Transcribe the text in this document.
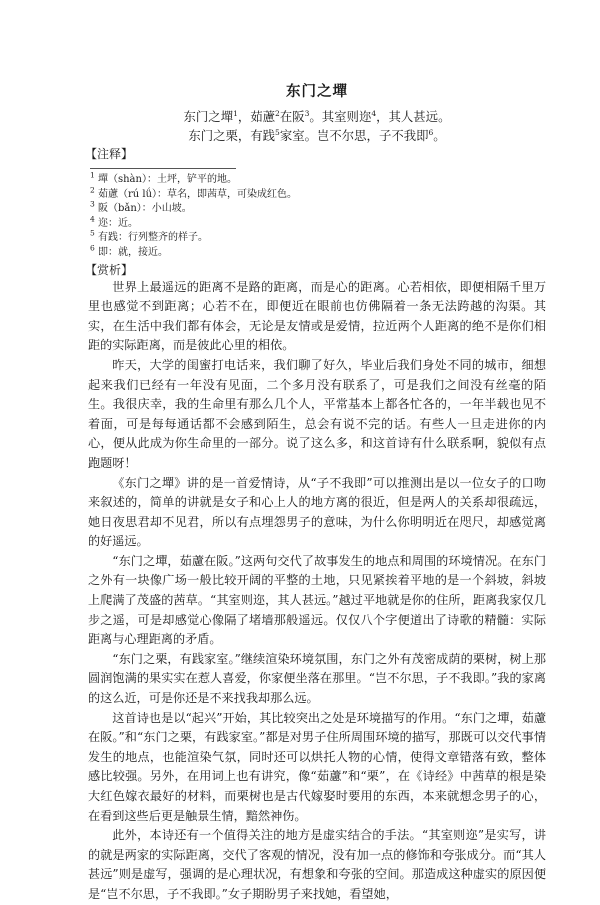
东门之墠
东门之墠$^1$，茹藘$^2$在阪$^3$。其室则迩$^4$，其人甚远。
东门之栗，有践$^5$家室。岂不尔思，子不我即$^6$。
【注释】
$^1$ 墠（shàn）：土坪，铲平的地。
$^2$ 茹藘（rú lǘ）：草名，即茜草，可染成红色。
$^3$ 阪（bǎn）：小山坡。
$^4$ 迩：近。
$^5$ 有践：行列整齐的样子。
$^6$ 即：就，接近。
【赏析】

世界上最遥远的距离不是路的距离，而是心的距离。心若相依，即便相隔千里万里也感觉不到距离；心若不在，即便近在眼前也仿佛隔着一条无法跨越的沟渠。其实，在生活中我们都有体会，无论是友情或是爱情，拉近两个人距离的绝不是你们相距的实际距离，而是彼此心里的相依。

昨天，大学的闺蜜打电话来，我们聊了好久，毕业后我们身处不同的城市，细想起来我们已经有一年没有见面，二个多月没有联系了，可是我们之间没有丝毫的陌生。我很庆幸，我的生命里有那么几个人，平常基本上都各忙各的，一年半载也见不着面，可是每每通话都不会感到陌生，总会有说不完的话。有些人一旦走进你的内心，便从此成为你生命里的一部分。说了这么多，和这首诗有什么联系啊，貌似有点跑题呀！

《东门之墠》讲的是一首爱情诗，从“子不我即”可以推测出是以一位女子的口吻来叙述的，简单的讲就是女子和心上人的地方离的很近，但是两人的关系却很疏远，她日夜思君却不见君，所以有点埋怨男子的意味，为什么你明明近在咫尺，却感觉离的好遥远。

“东门之墠，茹藘在阪。”这两句交代了故事发生的地点和周围的环境情况。在东门之外有一块像广场一般比较开阔的平整的土地，只见紧挨着平地的是一个斜坡，斜坡上爬满了茂盛的茜草。“其室则迩，其人甚远。”越过平地就是你的住所，距离我家仅几步之遥，可是却感觉心像隔了堵墙那般遥远。仅仅八个字便道出了诗歌的精髓：实际距离与心理距离的矛盾。

“东门之栗，有践家室。”继续渲染环境氛围，东门之外有茂密成荫的栗树，树上那圆润饱满的果实实在惹人喜爱，你家便坐落在那里。“岂不尔思，子不我即。”我的家离的这么近，可是你还是不来找我却那么远。

这首诗也是以“起兴”开始，其比较突出之处是环境描写的作用。“东门之墠，茹藘在阪。”和“东门之栗，有践家室。”都是对男子住所周围环境的描写，那既可以交代事情发生的地点，也能渲染气氛，同时还可以烘托人物的心情，使得文章错落有致，整体感比较强。另外，在用词上也有讲究，像“茹藘”和“栗”，在《诗经》中茜草的根是染大红色嫁衣最好的材料，而栗树也是古代嫁娶时要用的东西，本来就想念男子的心，在看到这些后更是触景生情，黯然神伤。

此外，本诗还有一个值得关注的地方是虚实结合的手法。“其室则迩”是实写，讲的就是两家的实际距离，交代了客观的情况，没有加一点的修饰和夸张成分。而“其人甚远”则是虚写，强调的是心理状况，有想象和夸张的空间。那造成这种虚实的原因便是“岂不尔思，子不我即。”女子期盼男子来找她，看望她，
